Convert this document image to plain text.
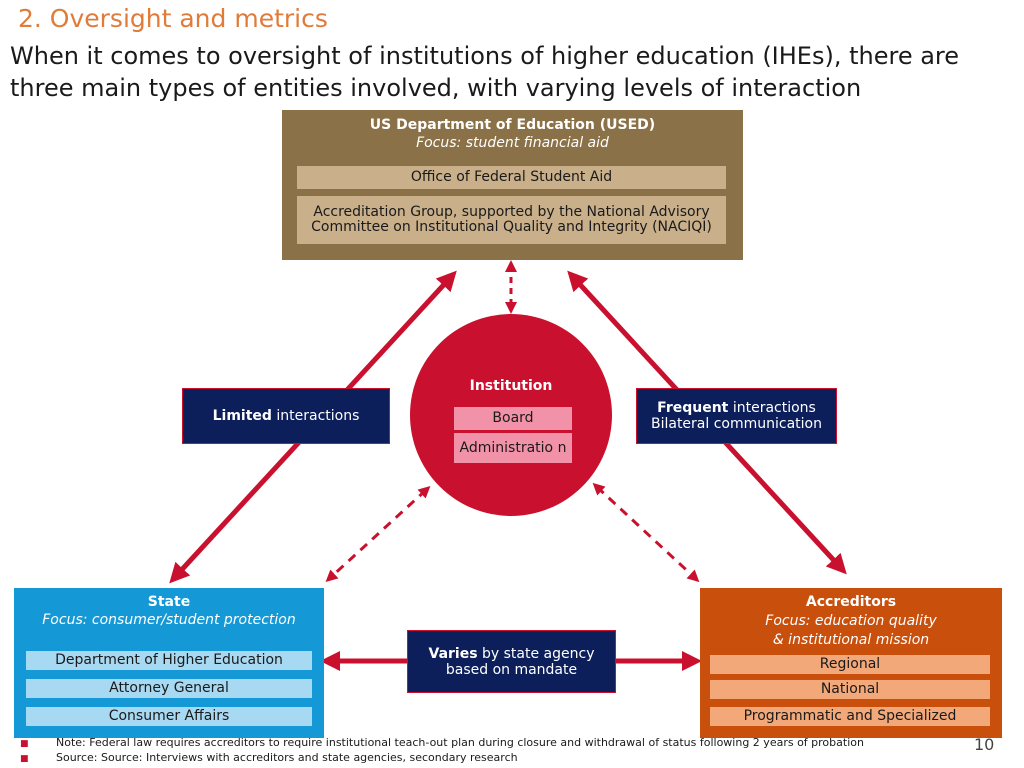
2. Oversight and metrics
When it comes to oversight of institutions of higher education (IHEs), there are three main types of entities involved, with varying levels of interaction
US Department of Education (USED)
Focus: student financial aid
Office of Federal Student Aid
Accreditation Group, supported by the National Advisory Committee on Institutional Quality and Integrity (NACIQI)
Institution
Board
Administratio n
State
Focus: consumer/student protection
Department of Higher Education
Attorney General
Consumer Affairs
Accreditors
Focus: education quality & institutional mission
Regional
National
Programmatic and Specialized
Limited interactions	Frequent interactions
Bilateral communication
Varies by state agency
based on mandate
■ Note: Federal law requires accreditors to require institutional teach-out plan during closure and withdrawal of status following 2 years of probation
■ Source: Source: Interviews with accreditors and state agencies, secondary research
10
